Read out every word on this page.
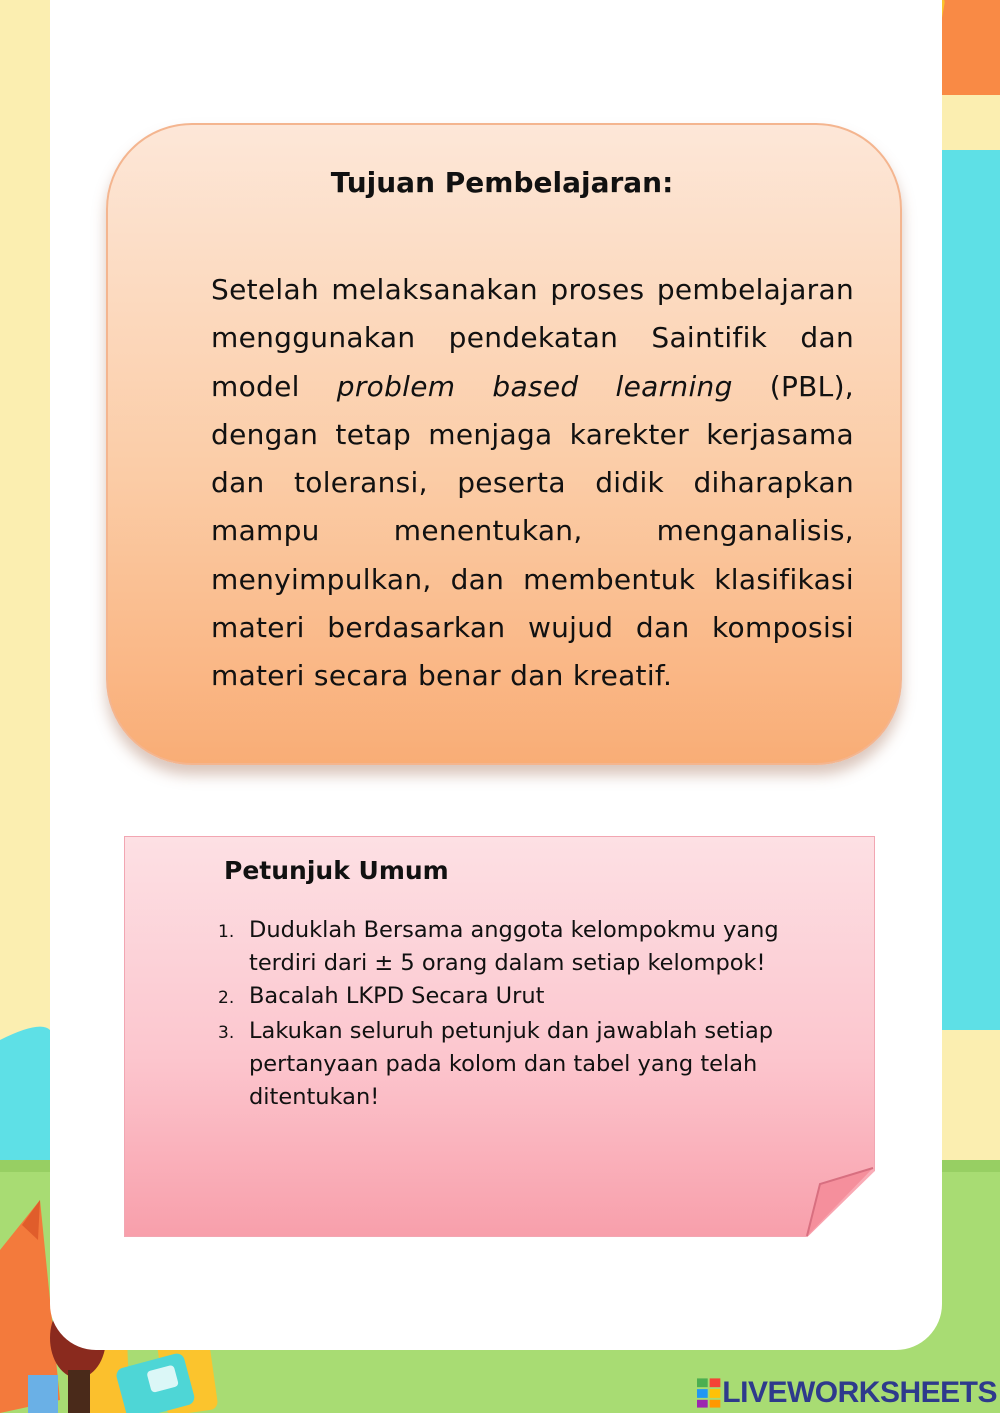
Tujuan Pembelajaran:
Setelah melaksanakan proses pembelajaran menggunakan pendekatan Saintifik dan model problem based learning (PBL), dengan tetap menjaga karekter kerjasama dan toleransi, peserta didik diharapkan mampu menentukan, menganalisis, menyimpulkan, dan membentuk klasifikasi materi berdasarkan wujud dan komposisi materi secara benar dan kreatif.
Petunjuk Umum
1. Duduklah Bersama anggota kelompokmu yang terdiri dari ± 5 orang dalam setiap kelompok!
2. Bacalah LKPD Secara Urut
3. Lakukan seluruh petunjuk dan jawablah setiap pertanyaan pada kolom dan tabel yang telah ditentukan!
LIVEWORKSHEETS
